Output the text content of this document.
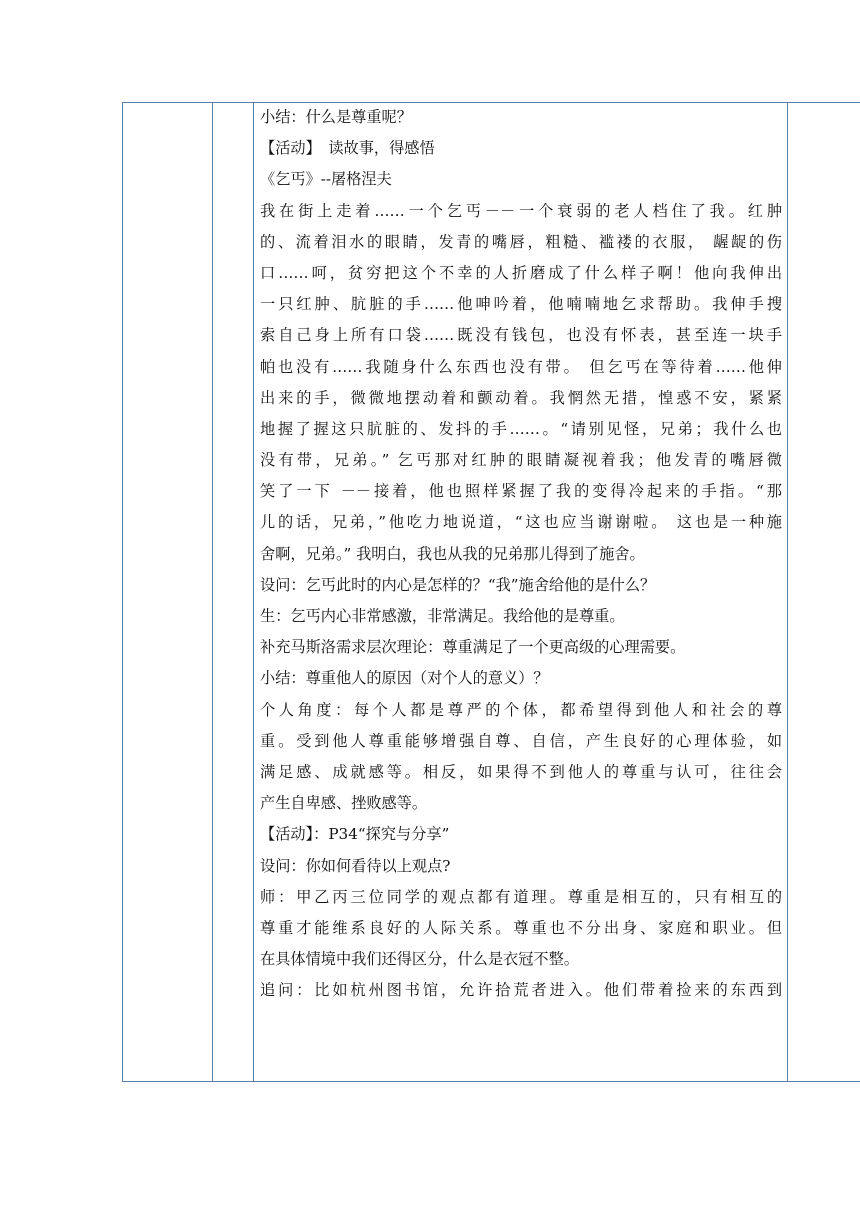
小结：什么是尊重呢？
【活动】　读故事，得感悟
《乞丐》--屠格涅夫
我在街上走着……一个乞丐－－一个衰弱的老人档住了我。红肿
的、流着泪水的眼睛，发青的嘴唇，粗糙、褴褛的衣服， 龌龊的伤
口……呵，贫穷把这个不幸的人折磨成了什么样子啊！他向我伸出
一只红肿、肮脏的手……他呻吟着，他喃喃地乞求帮助。我伸手搜
索自己身上所有口袋……既没有钱包，也没有怀表，甚至连一块手
帕也没有……我随身什么东西也没有带。 但乞丐在等待着……他伸
出来的手，微微地摆动着和颤动着。我惘然无措，惶惑不安，紧紧
地握了握这只肮脏的、发抖的手……。“请别见怪，兄弟；我什么也
没有带，兄弟。” 乞丐那对红肿的眼睛凝视着我；他发青的嘴唇微
笑了一下 －－接着，他也照样紧握了我的变得冷起来的手指。“那
儿的话，兄弟，”他吃力地说道，“这也应当谢谢啦。 这也是一种施
舍啊，兄弟。” 我明白，我也从我的兄弟那儿得到了施舍。
设问：乞丐此时的内心是怎样的？“我”施舍给他的是什么？
生：乞丐内心非常感激，非常满足。我给他的是尊重。
补充马斯洛需求层次理论：尊重满足了一个更高级的心理需要。
小结：尊重他人的原因（对个人的意义）？
个人角度：每个人都是尊严的个体，都希望得到他人和社会的尊
重。受到他人尊重能够增强自尊、自信，产生良好的心理体验，如
满足感、成就感等。相反，如果得不到他人的尊重与认可，往往会
产生自卑感、挫败感等。
【活动】：P34“探究与分享”
设问：你如何看待以上观点?
师：甲乙丙三位同学的观点都有道理。尊重是相互的，只有相互的
尊重才能维系良好的人际关系。尊重也不分出身、家庭和职业。但
在具体情境中我们还得区分，什么是衣冠不整。
追问：比如杭州图书馆，允许拾荒者进入。他们带着捡来的东西到
